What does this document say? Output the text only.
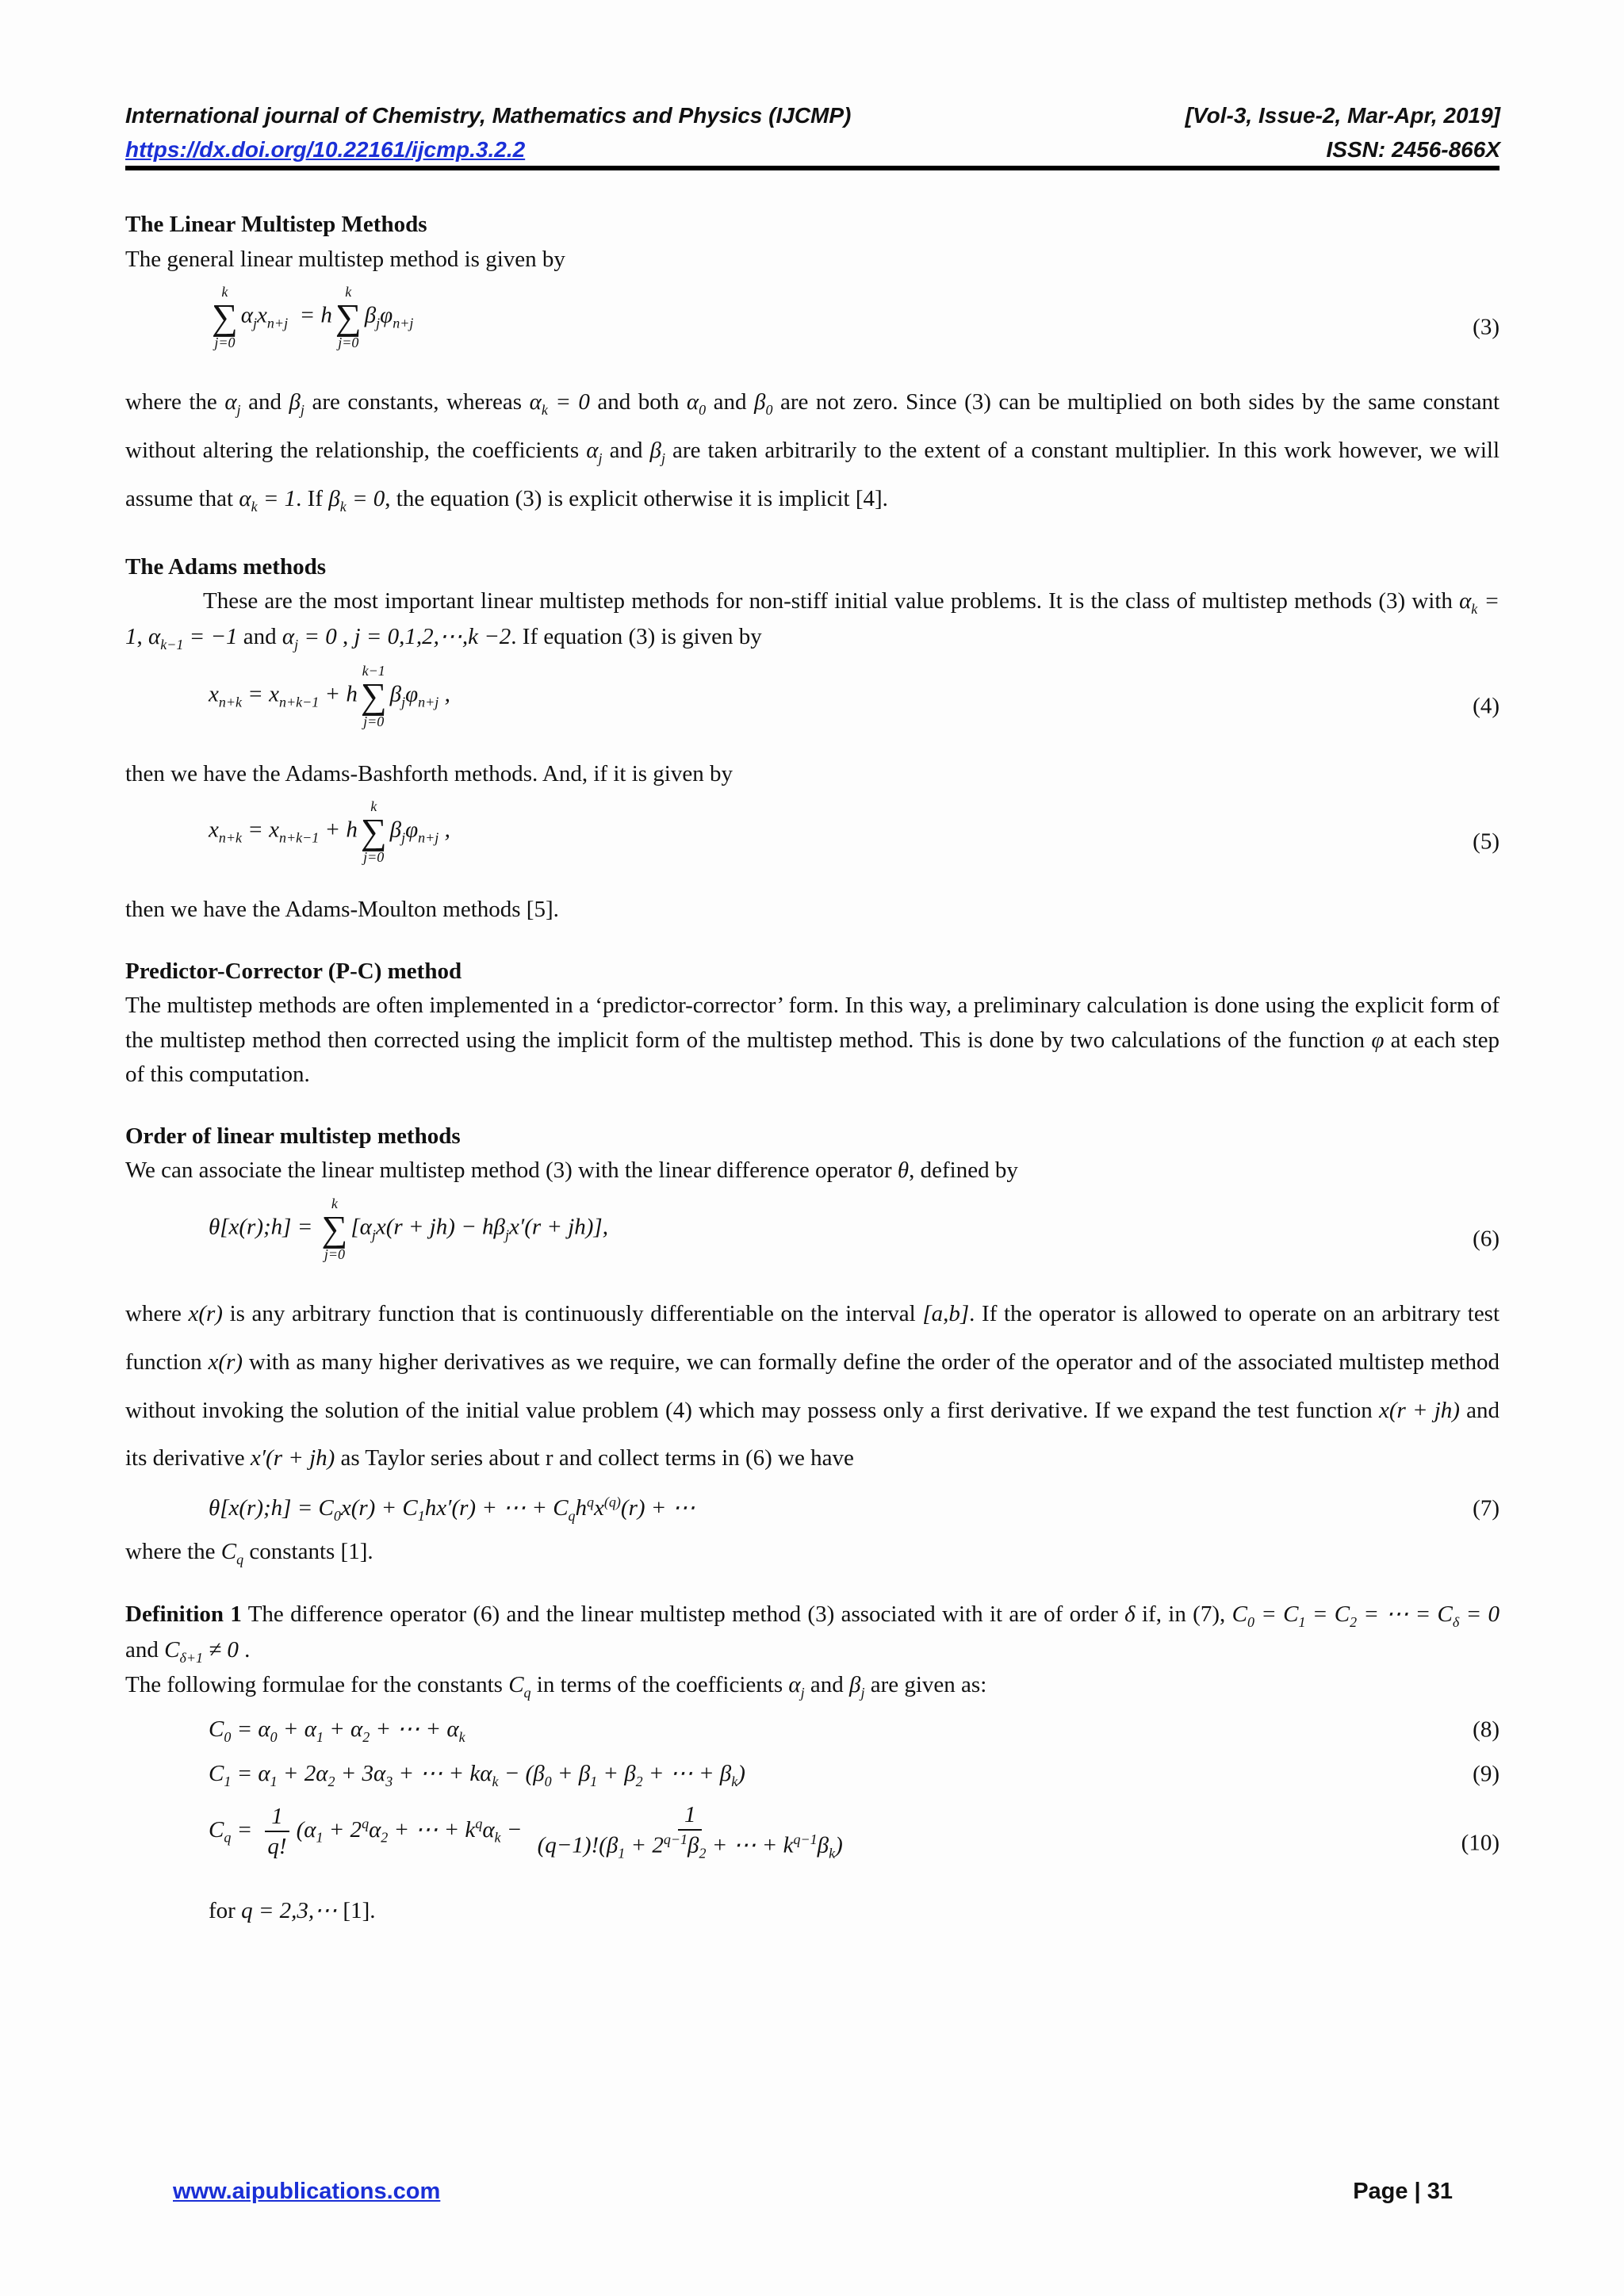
International journal of Chemistry, Mathematics and Physics (IJCMP)	[Vol-3, Issue-2, Mar-Apr, 2019]
https://dx.doi.org/10.22161/ijcmp.3.2.2	ISSN: 2456-866X
The Linear Multistep Methods

The general linear multistep method is given by

k
∑
j=0
$\alpha_jx_{n+j} = h$
k
∑
j=0
$\beta_j\varphi_{n+j}$	(3)

where the $\alpha_j$ and $\beta_j$ are constants, whereas $\alpha_k = 0$ and both $\alpha_0$ and $\beta_0$ are not zero. Since (3) can be multiplied on both sides by the same constant without altering the relationship, the coefficients $\alpha_j$ and $\beta_j$ are taken arbitrarily to the extent of a constant multiplier. In this work however, we will assume that $\alpha_k = 1$. If $\beta_k = 0$, the equation (3) is explicit otherwise it is implicit [4].

The Adams methods

These are the most important linear multistep methods for non-stiff initial value problems. It is the class of multistep methods (3) with $\alpha_k = 1$, $\alpha_{k-1} = -1$ and $\alpha_j = 0$ , j = 0,1,2,⋯,k −2. If equation (3) is given by

$x_{n+k} = x_{n+k-1} + h$
k−1
∑
j=0
$\beta_j\varphi_{n+j}$ ,	(4)

then we have the Adams-Bashforth methods. And, if it is given by

$x_{n+k} = x_{n+k-1} + h$
k
∑
j=0
$\beta_j\varphi_{n+j}$ ,	(5)

then we have the Adams-Moulton methods [5].

Predictor-Corrector (P-C) method

The multistep methods are often implemented in a ‘predictor-corrector’ form. In this way, a preliminary calculation is done using the explicit form of the multistep method then corrected using the implicit form of the multistep method. This is done by two calculations of the function φ at each step of this computation.

Order of linear multistep methods

We can associate the linear multistep method (3) with the linear difference operator θ, defined by

θ[x(r);h] =
k
∑
j=0
$[\alpha_jx(r + jh) - h\beta_jx'(r + jh)]$,	(6)

where x(r) is any arbitrary function that is continuously differentiable on the interval [a,b]. If the operator is allowed to operate on an arbitrary test function x(r) with as many higher derivatives as we require, we can formally define the order of the operator and of the associated multistep method without invoking the solution of the initial value problem (4) which may possess only a first derivative. If we expand the test function x(r + jh) and its derivative x′(r + jh) as Taylor series about r and collect terms in (6) we have

θ[x(r);h] = $C_0x(r) + C_1hx'(r)$ + ⋯ + $C_qh^qx^{(q)}(r)$ + ⋯	(7)

where the $C_q$ constants [1].

Definition 1 The difference operator (6) and the linear multistep method (3) associated with it are of order δ if, in (7), $C_0 = C_1 = C_2$ = ⋯ = $C_\delta = 0$ and $C_{\delta+1} \ne 0$ .

The following formulae for the constants $C_q$ in terms of the coefficients $\alpha_j$ and $\beta_j$ are given as:

$C_0 = \alpha_0 + \alpha_1 + \alpha_2$ + ⋯ + $\alpha_k$	(8)
$C_1 = \alpha_1 + 2\alpha_2 + 3\alpha_3$ + ⋯ + $k\alpha_k - (\beta_0 + \beta_1 + \beta_2$ + ⋯ + $\beta_k$)	(9)
$C_q = \frac{1}{q!} (\alpha_1 + 2^q\alpha_2$ + ⋯ + $k^q\alpha_k - \frac{1}{(q-1)!(\beta_1 + 2^{q-1}\beta_2 + \cdots + k^{q-1}\beta_k)}$	(10)

for q = 2,3,⋯ [1].

www.aipublications.com	Page | 31
